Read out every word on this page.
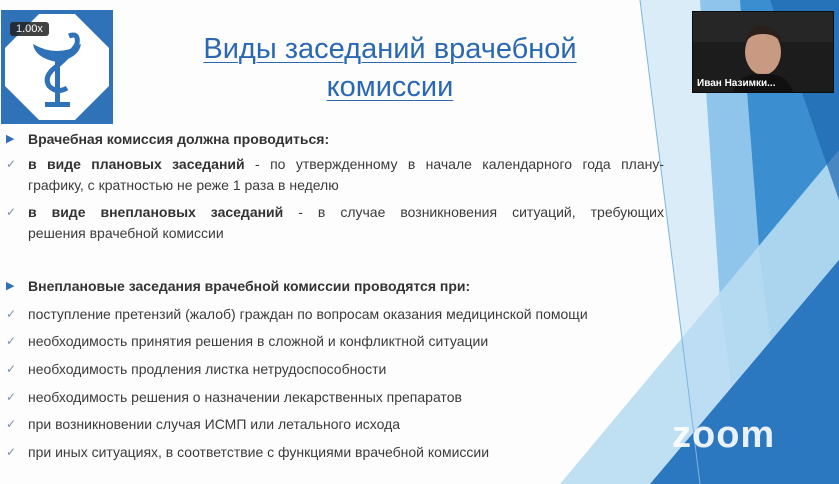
1.00x
Виды заседаний врачебной
комиссии
▶ Врачебная комиссия должна проводиться:
✓ в виде плановых заседаний - по утвержденному в начале календарного года плану-
графику, с кратностью не реже 1 раза в неделю
✓ в виде внеплановых заседаний - в случае возникновения ситуаций, требующих
решения врачебной комиссии
▶ Внеплановые заседания врачебной комиссии проводятся при:
✓ поступление претензий (жалоб) граждан по вопросам оказания медицинской помощи
✓ необходимость принятия решения в сложной и конфликтной ситуации
✓ необходимость продления листка нетрудоспособности
✓ необходимость решения о назначении лекарственных препаратов
✓ при возникновении случая ИСМП или летального исхода
✓ при иных ситуациях, в соответствие с функциями врачебной комиссии
Иван Назимки...
zoom
